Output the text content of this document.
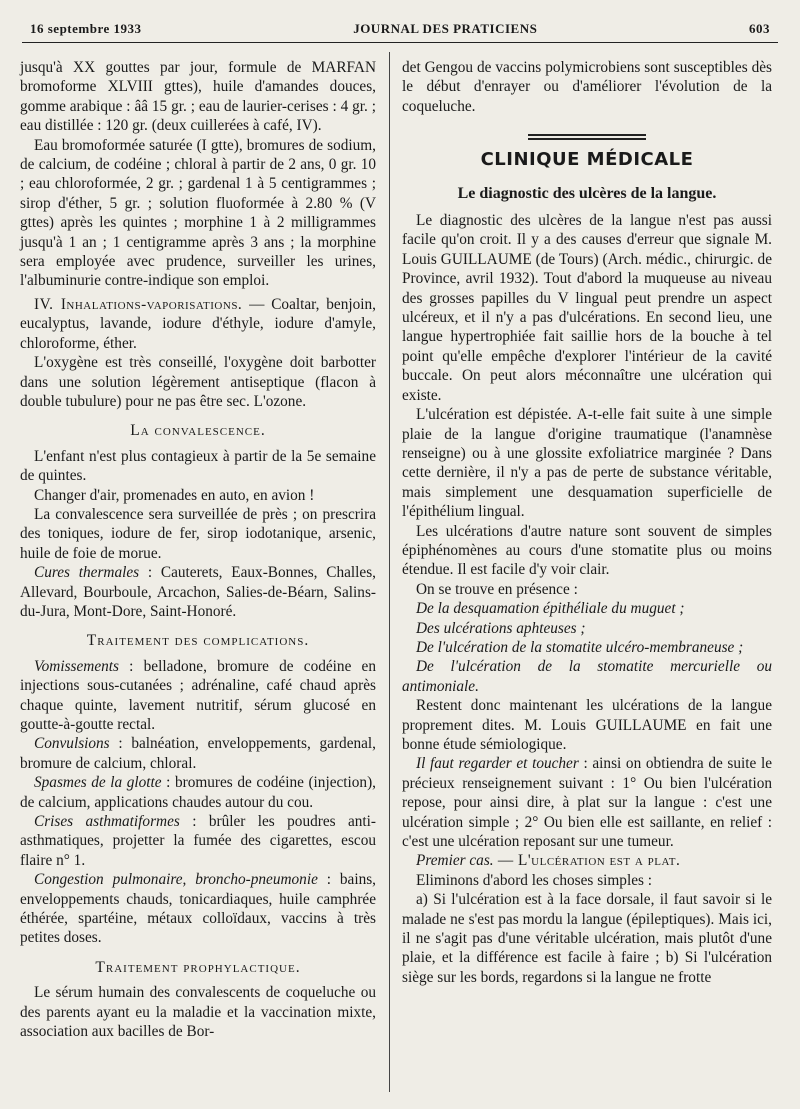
16 septembre 1933	JOURNAL DES PRATICIENS	603

jusqu'à XX gouttes par jour, formule de MARFAN bromoforme XLVIII gttes), huile d'amandes douces, gomme arabique : ââ 15 gr. ; eau de laurier-cerises : 4 gr. ; eau distillée : 120 gr. (deux cuillerées à café, IV).

Eau bromoformée saturée (I gtte), bromures de sodium, de calcium, de codéine ; chloral à partir de 2 ans, 0 gr. 10 ; eau chloroformée, 2 gr. ; gardenal 1 à 5 centigrammes ; sirop d'éther, 5 gr. ; solution fluoformée à 2.80 % (V gttes) après les quintes ; morphine 1 à 2 milligrammes jusqu'à 1 an ; 1 centigramme après 3 ans ; la morphine sera employée avec prudence, surveiller les urines, l'albuminurie contre-indique son emploi.

IV. Inhalations-vaporisations. — Coaltar, benjoin, eucalyptus, lavande, iodure d'éthyle, iodure d'amyle, chloroforme, éther.

L'oxygène est très conseillé, l'oxygène doit barbotter dans une solution légèrement antiseptique (flacon à double tubulure) pour ne pas être sec. L'ozone.

La convalescence.

L'enfant n'est plus contagieux à partir de la 5e semaine de quintes.

Changer d'air, promenades en auto, en avion !

La convalescence sera surveillée de près ; on prescrira des toniques, iodure de fer, sirop iodotanique, arsenic, huile de foie de morue.

Cures thermales : Cauterets, Eaux-Bonnes, Challes, Allevard, Bourboule, Arcachon, Salies-de-Béarn, Salins-du-Jura, Mont-Dore, Saint-Honoré.

Traitement des complications.

Vomissements : belladone, bromure de codéine en injections sous-cutanées ; adrénaline, café chaud après chaque quinte, lavement nutritif, sérum glucosé en goutte-à-goutte rectal.

Convulsions : balnéation, enveloppements, gardenal, bromure de calcium, chloral.

Spasmes de la glotte : bromures de codéine (injection), de calcium, applications chaudes autour du cou.

Crises asthmatiformes : brûler les poudres anti-asthmatiques, projetter la fumée des cigarettes, escou flaire n° 1.

Congestion pulmonaire, broncho-pneumonie : bains, enveloppements chauds, tonicardiaques, huile camphrée éthérée, spartéine, métaux colloïdaux, vaccins à très petites doses.

Traitement prophylactique.

Le sérum humain des convalescents de coqueluche ou des parents ayant eu la maladie et la vaccination mixte, association aux bacilles de Bor-

det Gengou de vaccins polymicrobiens sont susceptibles dès le début d'enrayer ou d'améliorer l'évolution de la coqueluche.

CLINIQUE MÉDICALE
Le diagnostic des ulcères de la langue.

Le diagnostic des ulcères de la langue n'est pas aussi facile qu'on croit. Il y a des causes d'erreur que signale M. Louis GUILLAUME (de Tours) (Arch. médic., chirurgic. de Province, avril 1932). Tout d'abord la muqueuse au niveau des grosses papilles du V lingual peut prendre un aspect ulcéreux, et il n'y a pas d'ulcérations. En second lieu, une langue hypertrophiée fait saillie hors de la bouche à tel point qu'elle empêche d'explorer l'intérieur de la cavité buccale. On peut alors méconnaître une ulcération qui existe.

L'ulcération est dépistée. A-t-elle fait suite à une simple plaie de la langue d'origine traumatique (l'anamnèse renseigne) ou à une glossite exfoliatrice marginée ? Dans cette dernière, il n'y a pas de perte de substance véritable, mais simplement une desquamation superficielle de l'épithélium lingual.

Les ulcérations d'autre nature sont souvent de simples épiphénomènes au cours d'une stomatite plus ou moins étendue. Il est facile d'y voir clair.

On se trouve en présence :

De la desquamation épithéliale du muguet ;

Des ulcérations aphteuses ;

De l'ulcération de la stomatite ulcéro-membraneuse ;

De l'ulcération de la stomatite mercurielle ou antimoniale.

Restent donc maintenant les ulcérations de la langue proprement dites. M. Louis GUILLAUME en fait une bonne étude sémiologique.

Il faut regarder et toucher : ainsi on obtiendra de suite le précieux renseignement suivant : 1° Ou bien l'ulcération repose, pour ainsi dire, à plat sur la langue : c'est une ulcération simple ; 2° Ou bien elle est saillante, en relief : c'est une ulcération reposant sur une tumeur.

Premier cas. — L'ulcération est a plat.

Eliminons d'abord les choses simples :

a) Si l'ulcération est à la face dorsale, il faut savoir si le malade ne s'est pas mordu la langue (épileptiques). Mais ici, il ne s'agit pas d'une véritable ulcération, mais plutôt d'une plaie, et la différence est facile à faire ; b) Si l'ulcération siège sur les bords, regardons si la langue ne frotte
